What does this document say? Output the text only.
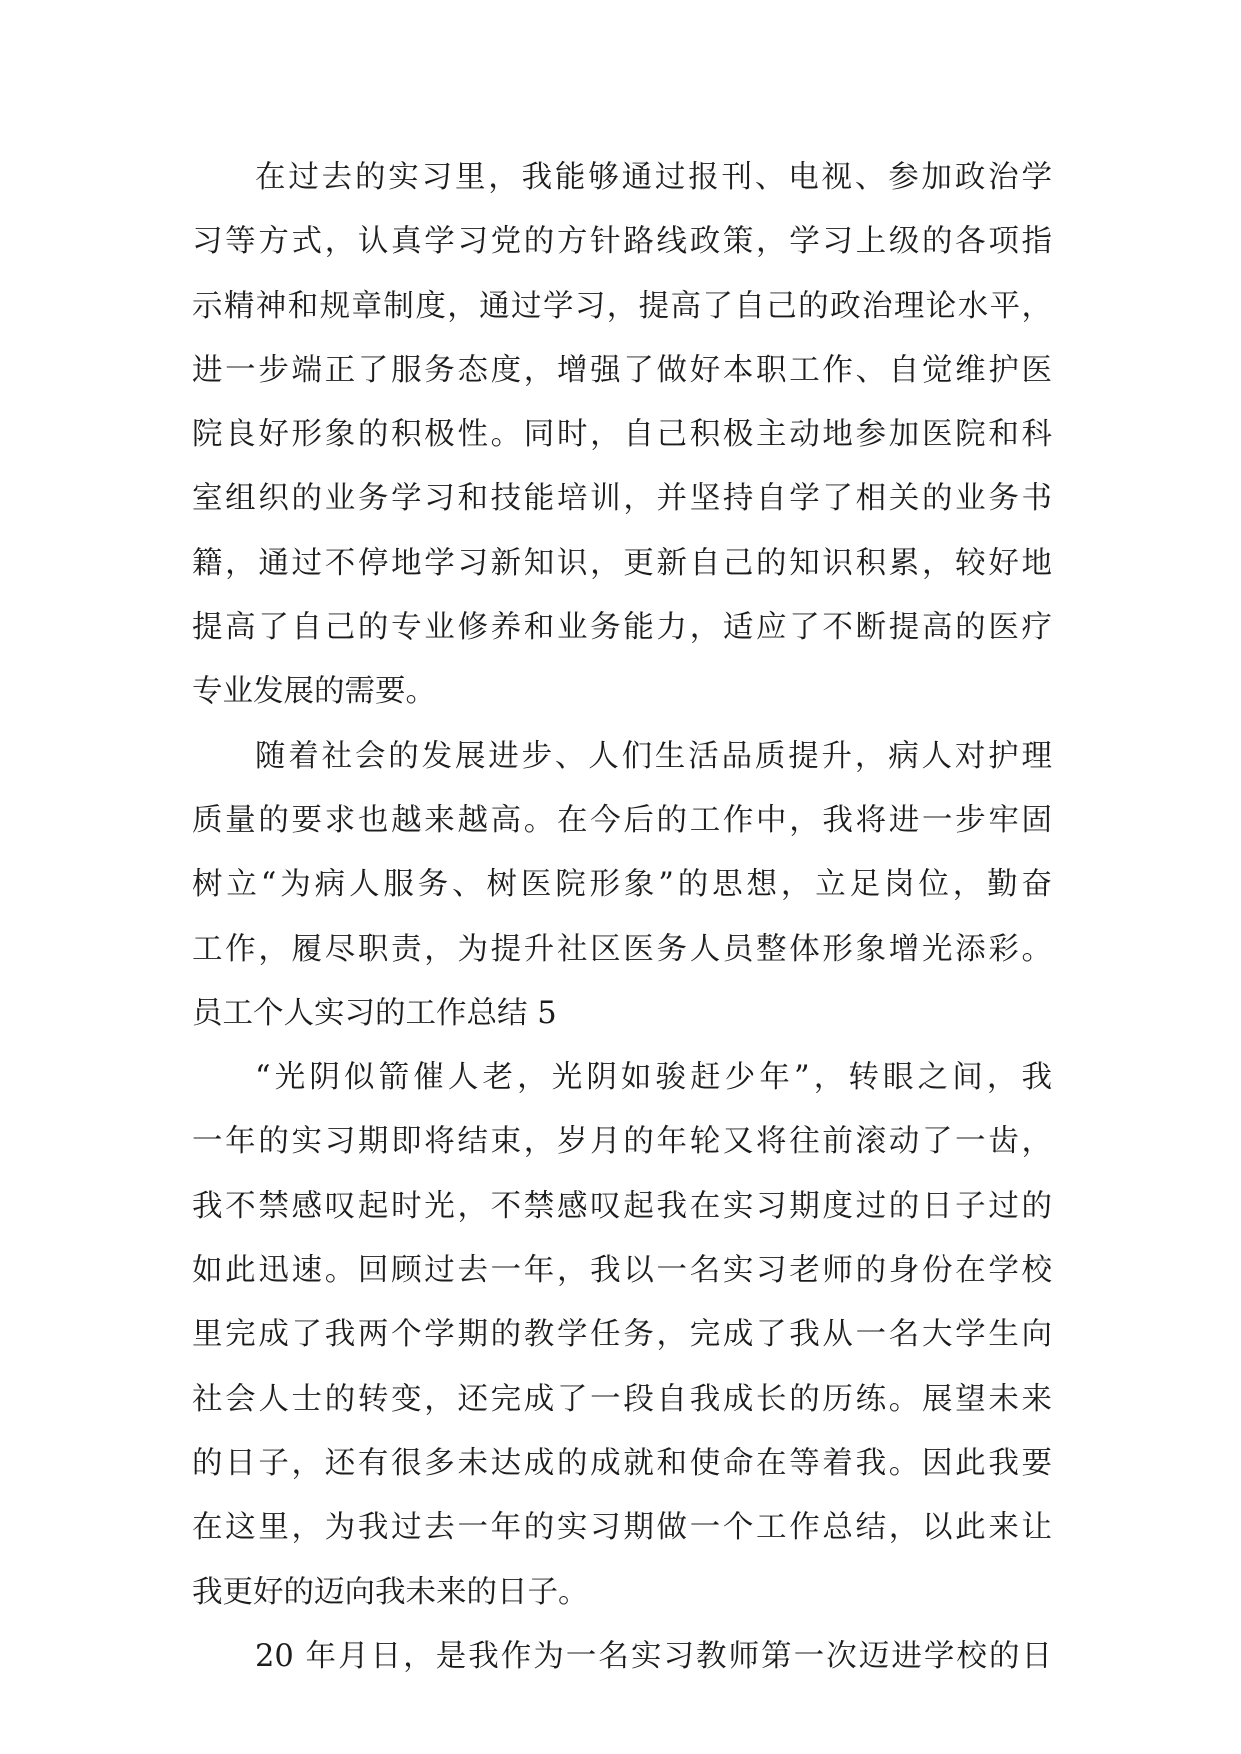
在过去的实习里，我能够通过报刊、电视、参加政治学
习等方式，认真学习党的方针路线政策，学习上级的各项指
示精神和规章制度，通过学习，提高了自己的政治理论水平，
进一步端正了服务态度，增强了做好本职工作、自觉维护医
院良好形象的积极性。同时，自己积极主动地参加医院和科
室组织的业务学习和技能培训，并坚持自学了相关的业务书
籍，通过不停地学习新知识，更新自己的知识积累，较好地
提高了自己的专业修养和业务能力，适应了不断提高的医疗
专业发展的需要。
随着社会的发展进步、人们生活品质提升，病人对护理
质量的要求也越来越高。在今后的工作中，我将进一步牢固
树立“为病人服务、树医院形象”的思想，立足岗位，勤奋
工作，履尽职责，为提升社区医务人员整体形象增光添彩。
员工个人实习的工作总结 5
“光阴似箭催人老，光阴如骏赶少年”，转眼之间，我
一年的实习期即将结束，岁月的年轮又将往前滚动了一齿，
我不禁感叹起时光，不禁感叹起我在实习期度过的日子过的
如此迅速。回顾过去一年，我以一名实习老师的身份在学校
里完成了我两个学期的教学任务，完成了我从一名大学生向
社会人士的转变，还完成了一段自我成长的历练。展望未来
的日子，还有很多未达成的成就和使命在等着我。因此我要
在这里，为我过去一年的实习期做一个工作总结，以此来让
我更好的迈向我未来的日子。
20 年月日，是我作为一名实习教师第一次迈进学校的日
